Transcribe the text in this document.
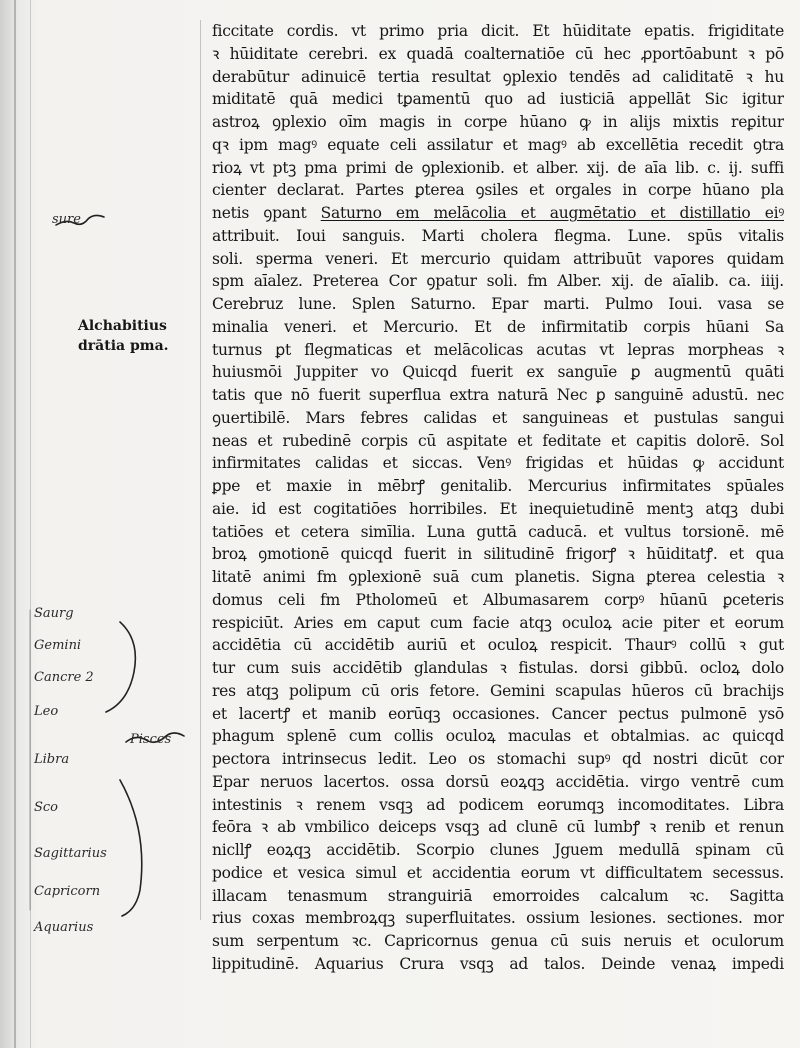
Alchabitius
drātia pma.
sure
Saurg
Gemini
Cancre 2
Leo
Libra
Sco
Sagittarius
Capricorn
Aquarius
Pisces
ficcitate cordis. vt primo pria dicit. Et hūiditate epatis. frigiditate
ꝛ hūiditate cerebri. ex quadā coalternatiōe cū hec ꝓportōabunt ꝛ pō
derabūtur adinuicē tertia resultat ꝯplexio tendēs ad caliditatē ꝛ hu
miditatē quā medici tꝑamentū quo ad iusticiā appellāt Sic igitur
astroꝝ ꝯplexio oīm magis in corpe hūano ꝙ in alijs mixtis reꝑitur
qꝛ ipm magꝰ equate celi assilatur et magꝰ ab excellētia recedit ꝯtra
rioꝝ vt ptꝫ pma primi de ꝯplexionib. et alber. xij. de aīa lib. c. ij. suffi
cienter declarat. Partes ꝑterea ꝯsiles et orgales in corpe hūano pla
netis ꝯpant Saturno em melācolia et augmētatio et distillatio eiꝰ
attribuit. Ioui sanguis. Marti cholera flegma. Lune. spūs vitalis
soli. sperma veneri. Et mercurio quidam attribuūt vapores quidam
spm aīalez. Preterea Cor ꝯpatur soli. fm Alber. xij. de aīalib. ca. iiij.
Cerebruz lune. Splen Saturno. Epar marti. Pulmo Ioui. vasa se
minalia veneri. et Mercurio. Et de infirmitatib corpis hūani Sa
turnus ꝑt flegmaticas et melācolicas acutas vt lepras morpheas ꝛ
huiusmōi Juppiter vo Quicqd fuerit ex sanguīe ꝑ augmentū quāti
tatis que nō fuerit superflua extra naturā Nec ꝑ sanguinē adustū. nec
ꝯuertibilē. Mars febres calidas et sanguineas et pustulas sangui
neas et rubedinē corpis cū aspitate et feditate et capitis dolorē. Sol
infirmitates calidas et siccas. Venꝰ frigidas et hūidas ꝙ accidunt
ꝑpe et maxie in mēbrꝭ genitalib. Mercurius infirmitates spūales
aie. id est cogitatiōes horribiles. Et inequietudinē mentꝫ atqꝫ dubi
tatiōes et cetera simīlia. Luna guttā caducā. et vultus torsionē. mē
broꝝ ꝯmotionē quicqd fuerit in silitudinē frigorꝭ ꝛ hūiditatꝭ. et qua
litatē animi fm ꝯplexionē suā cum planetis. Signa ꝑterea celestia ꝛ
domus celi fm Ptholomeū et Albumasarem corpꝰ hūanū ꝑceteris
respiciūt. Aries em caput cum facie atqꝫ oculoꝝ acie piter et eorum
accidētia cū accidētib auriū et oculoꝝ respicit. Thaurꝰ collū ꝛ gut
tur cum suis accidētib glandulas ꝛ fistulas. dorsi gibbū. ocloꝝ dolo
res atqꝫ polipum cū oris fetore. Gemini scapulas hūeros cū brachijs
et lacertꝭ et manib eorūqꝫ occasiones. Cancer pectus pulmonē ysō
phagum splenē cum collis oculoꝝ maculas et obtalmias. ac quicqd
pectora intrinsecus ledit. Leo os stomachi supꝰ qd nostri dicūt cor
Epar neruos lacertos. ossa dorsū eoꝝqꝫ accidētia. virgo ventrē cum
intestinis ꝛ renem vsqꝫ ad podicem eorumqꝫ incomoditates. Libra
feōra ꝛ ab vmbilico deiceps vsqꝫ ad clunē cū lumbꝭ ꝛ renib et renun
nicllꝭ eoꝝqꝫ accidētib. Scorpio clunes Jguem medullā spinam cū
podice et vesica simul et accidentia eorum vt difficultatem secessus.
illacam tenasmum stranguiriā emorroides calcalum ꝛc. Sagitta
rius coxas membroꝝqꝫ superfluitates. ossium lesiones. sectiones. mor
sum serpentum ꝛc. Capricornus genua cū suis neruis et oculorum
lippitudinē. Aquarius Crura vsqꝫ ad talos. Deinde venaꝝ impedi
